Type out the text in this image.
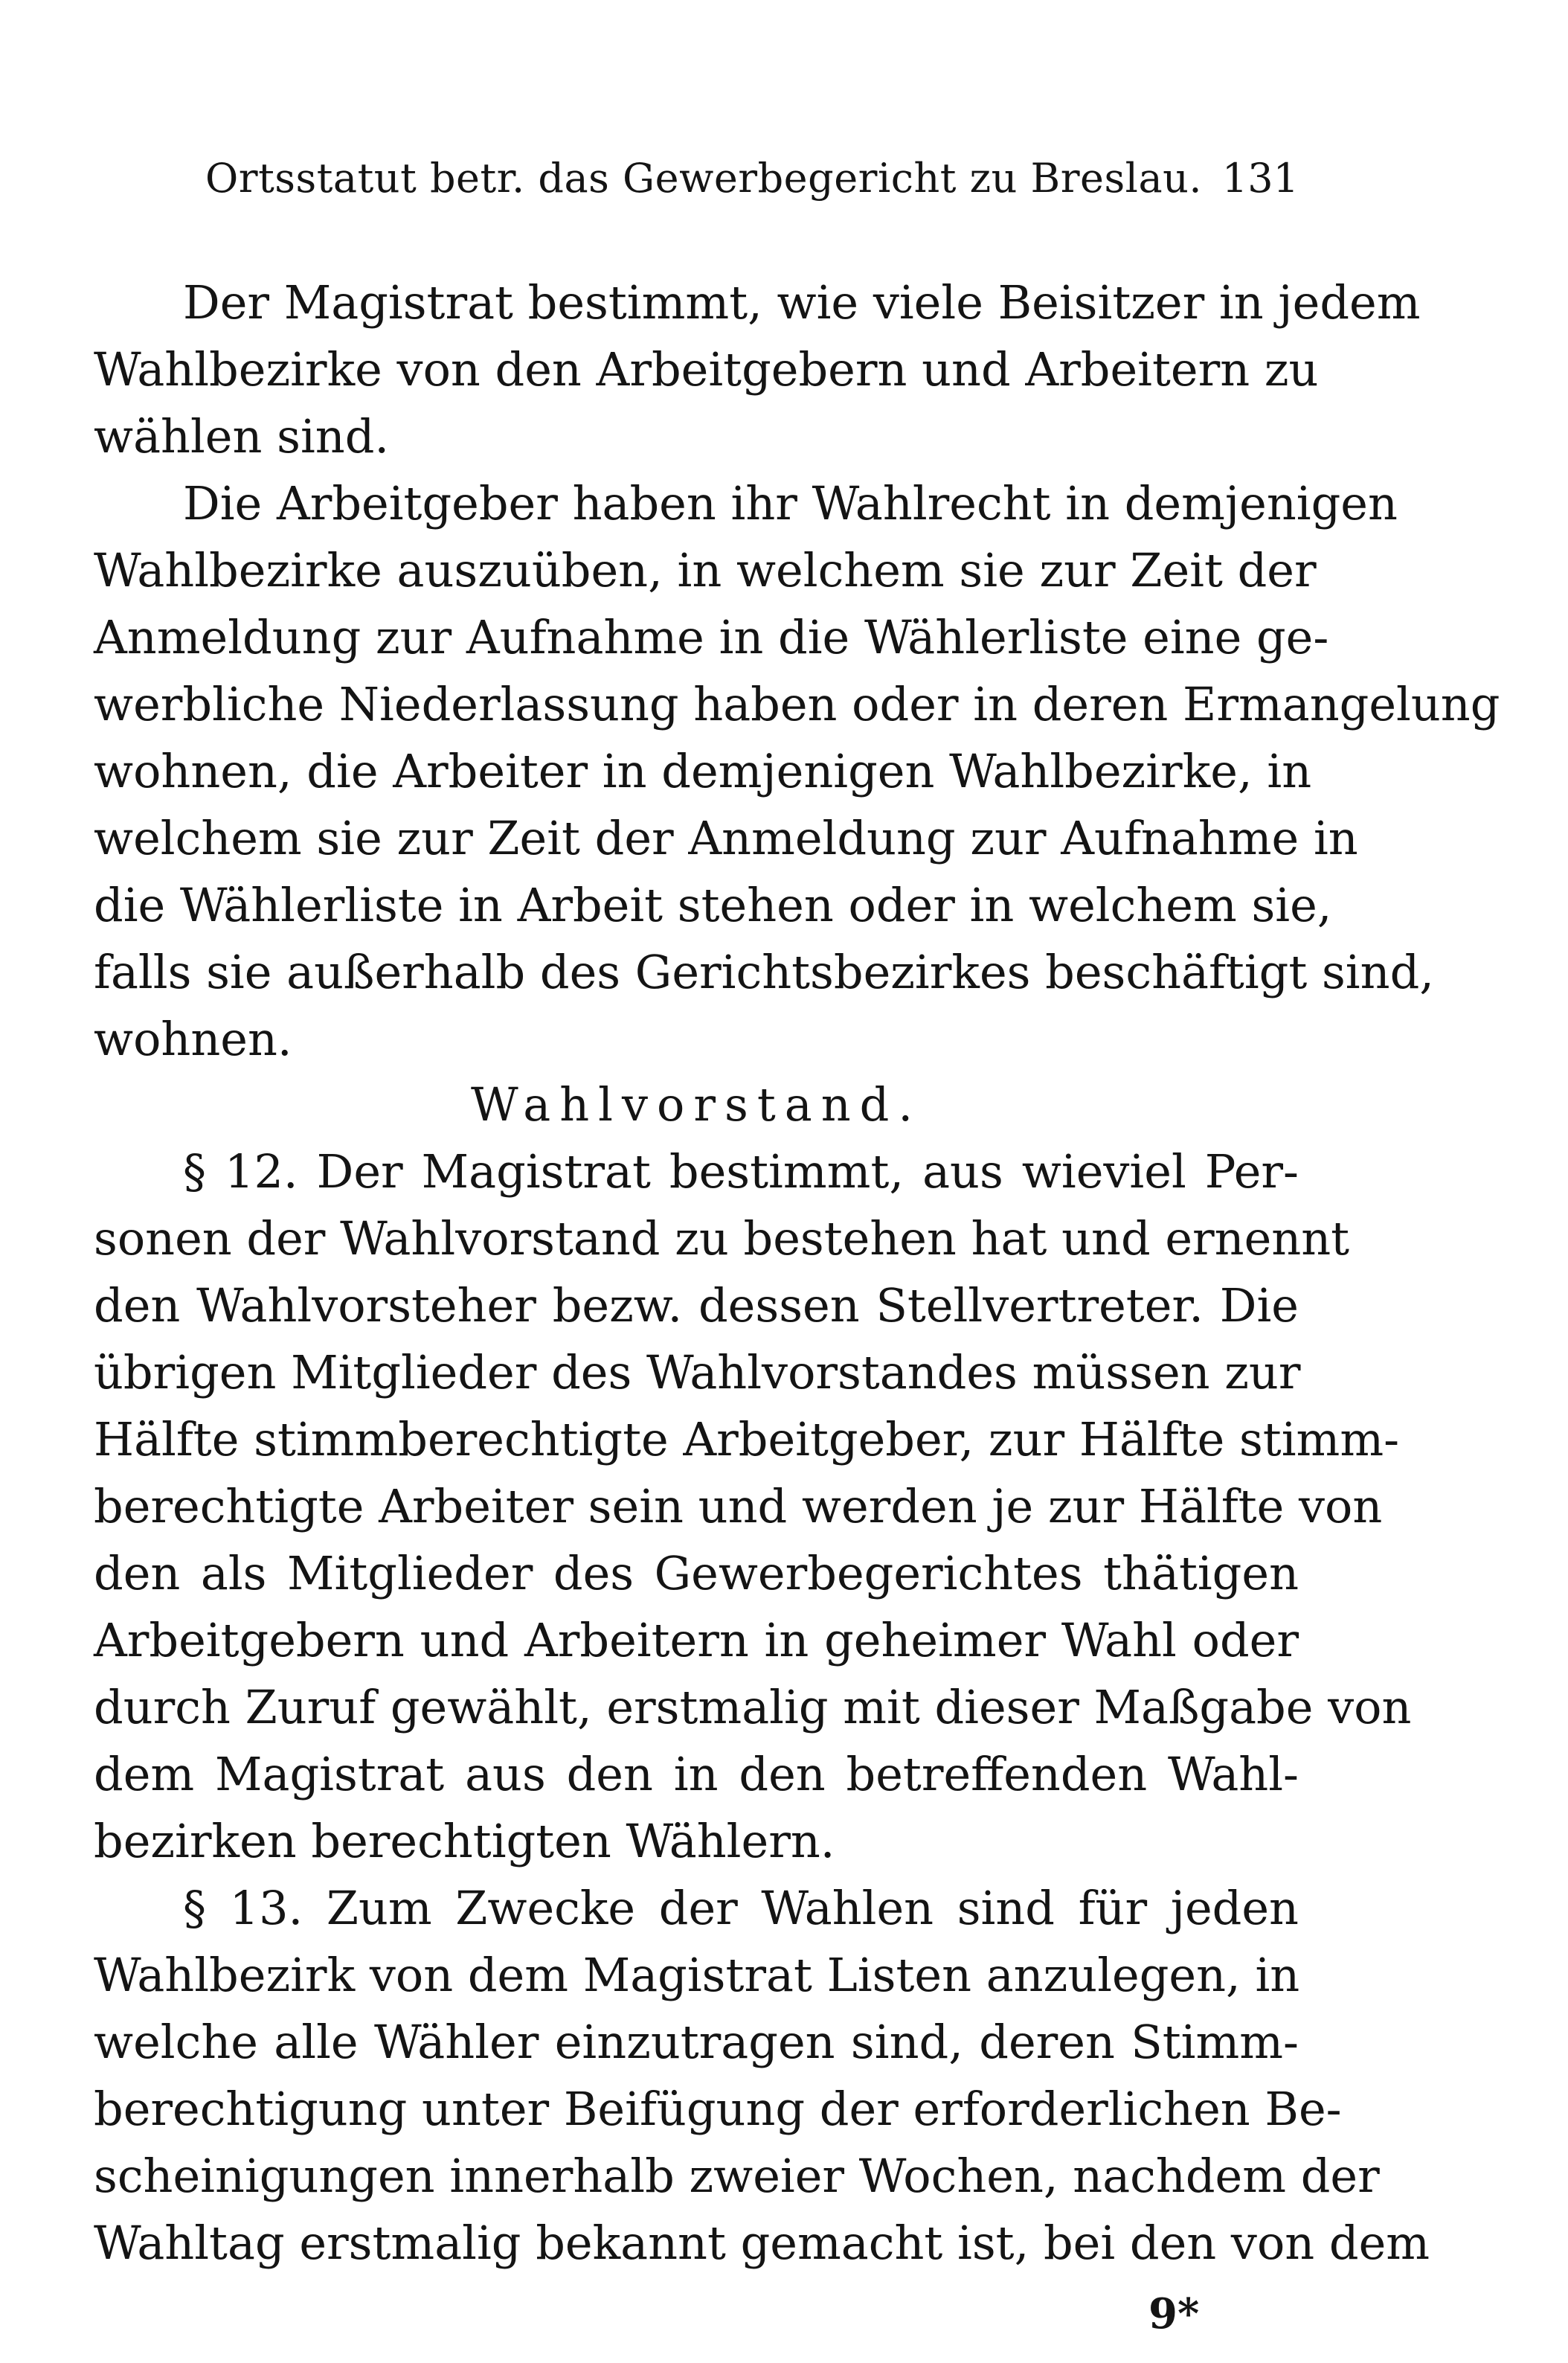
Ortsstatut betr. das Gewerbegericht zu Breslau. 131
Der Magistrat bestimmt, wie viele Beisitzer in jedem
Wahlbezirke von den Arbeitgebern und Arbeitern zu
wählen sind.
Die Arbeitgeber haben ihr Wahlrecht in demjenigen
Wahlbezirke auszuüben, in welchem sie zur Zeit der
Anmeldung zur Aufnahme in die Wählerliste eine ge-
werbliche Niederlassung haben oder in deren Ermangelung
wohnen, die Arbeiter in demjenigen Wahlbezirke, in
welchem sie zur Zeit der Anmeldung zur Aufnahme in
die Wählerliste in Arbeit stehen oder in welchem sie,
falls sie außerhalb des Gerichtsbezirkes beschäftigt sind,
wohnen.
Wahlvorstand.
§ 12. Der Magistrat bestimmt, aus wieviel Per-
sonen der Wahlvorstand zu bestehen hat und ernennt
den Wahlvorsteher bezw. dessen Stellvertreter. Die
übrigen Mitglieder des Wahlvorstandes müssen zur
Hälfte stimmberechtigte Arbeitgeber, zur Hälfte stimm-
berechtigte Arbeiter sein und werden je zur Hälfte von
den als Mitglieder des Gewerbegerichtes thätigen
Arbeitgebern und Arbeitern in geheimer Wahl oder
durch Zuruf gewählt, erstmalig mit dieser Maßgabe von
dem Magistrat aus den in den betreffenden Wahl-
bezirken berechtigten Wählern.
§ 13. Zum Zwecke der Wahlen sind für jeden
Wahlbezirk von dem Magistrat Listen anzulegen, in
welche alle Wähler einzutragen sind, deren Stimm-
berechtigung unter Beifügung der erforderlichen Be-
scheinigungen innerhalb zweier Wochen, nachdem der
Wahltag erstmalig bekannt gemacht ist, bei den von dem
9*
